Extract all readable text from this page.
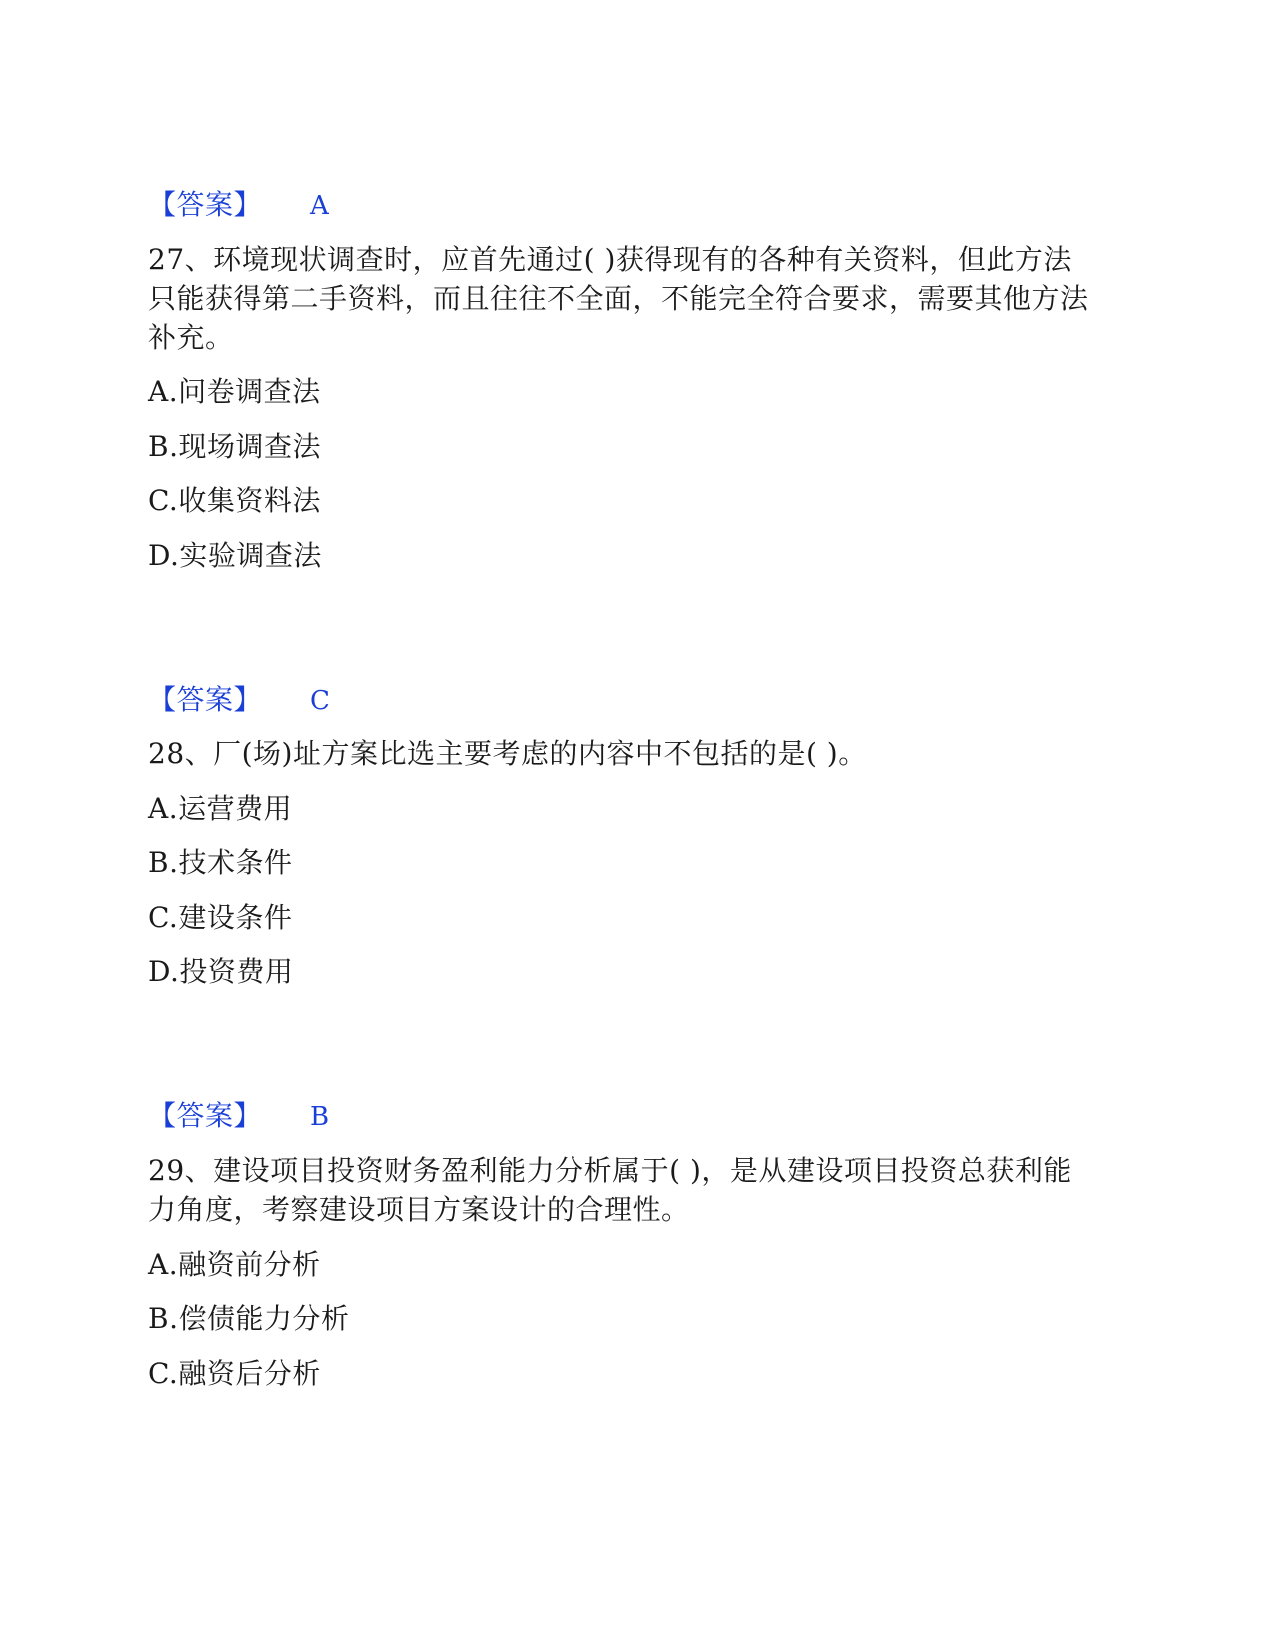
【答案】 A
27、环境现状调查时，应首先通过( )获得现有的各种有关资料，但此方法
只能获得第二手资料，而且往往不全面，不能完全符合要求，需要其他方法
补充。
A.问卷调查法
B.现场调查法
C.收集资料法
D.实验调查法
【答案】 C
28、厂(场)址方案比选主要考虑的内容中不包括的是( )。
A.运营费用
B.技术条件
C.建设条件
D.投资费用
【答案】 B
29、建设项目投资财务盈利能力分析属于( )，是从建设项目投资总获利能
力角度，考察建设项目方案设计的合理性。
A.融资前分析
B.偿债能力分析
C.融资后分析
